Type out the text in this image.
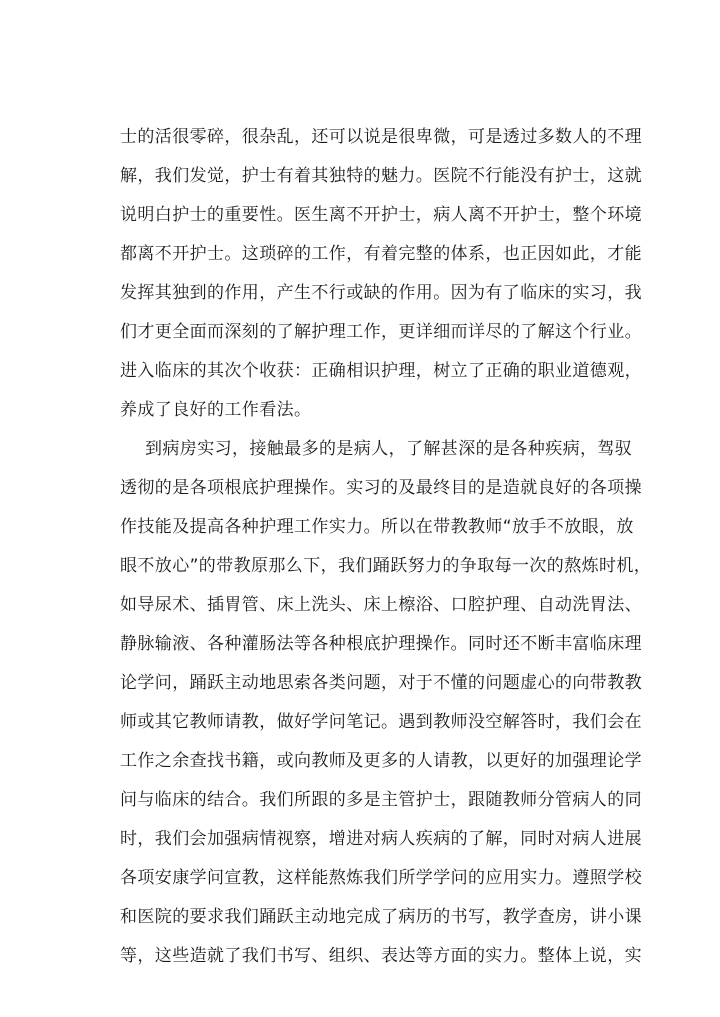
士的活很零碎，很杂乱，还可以说是很卑微，可是透过多数人的不理
解，我们发觉，护士有着其独特的魅力。医院不行能没有护士，这就
说明白护士的重要性。医生离不开护士，病人离不开护士，整个环境
都离不开护士。这琐碎的工作，有着完整的体系，也正因如此，才能
发挥其独到的作用，产生不行或缺的作用。因为有了临床的实习，我
们才更全面而深刻的了解护理工作，更详细而详尽的了解这个行业。
进入临床的其次个收获：正确相识护理，树立了正确的职业道德观，
养成了良好的工作看法。
到病房实习，接触最多的是病人，了解甚深的是各种疾病，驾驭
透彻的是各项根底护理操作。实习的及最终目的是造就良好的各项操
作技能及提高各种护理工作实力。所以在带教教师“放手不放眼，放
眼不放心”的带教原那么下，我们踊跃努力的争取每一次的熬炼时机，
如导尿术、插胃管、床上洗头、床上檫浴、口腔护理、自动洗胃法、
静脉输液、各种灌肠法等各种根底护理操作。同时还不断丰富临床理
论学问，踊跃主动地思索各类问题，对于不懂的问题虚心的向带教教
师或其它教师请教，做好学问笔记。遇到教师没空解答时，我们会在
工作之余查找书籍，或向教师及更多的人请教，以更好的加强理论学
问与临床的结合。我们所跟的多是主管护士，跟随教师分管病人的同
时，我们会加强病情视察，增进对病人疾病的了解，同时对病人进展
各项安康学问宣教，这样能熬炼我们所学学问的应用实力。遵照学校
和医院的要求我们踊跃主动地完成了病历的书写，教学查房，讲小课
等，这些造就了我们书写、组织、表达等方面的实力。整体上说，实
